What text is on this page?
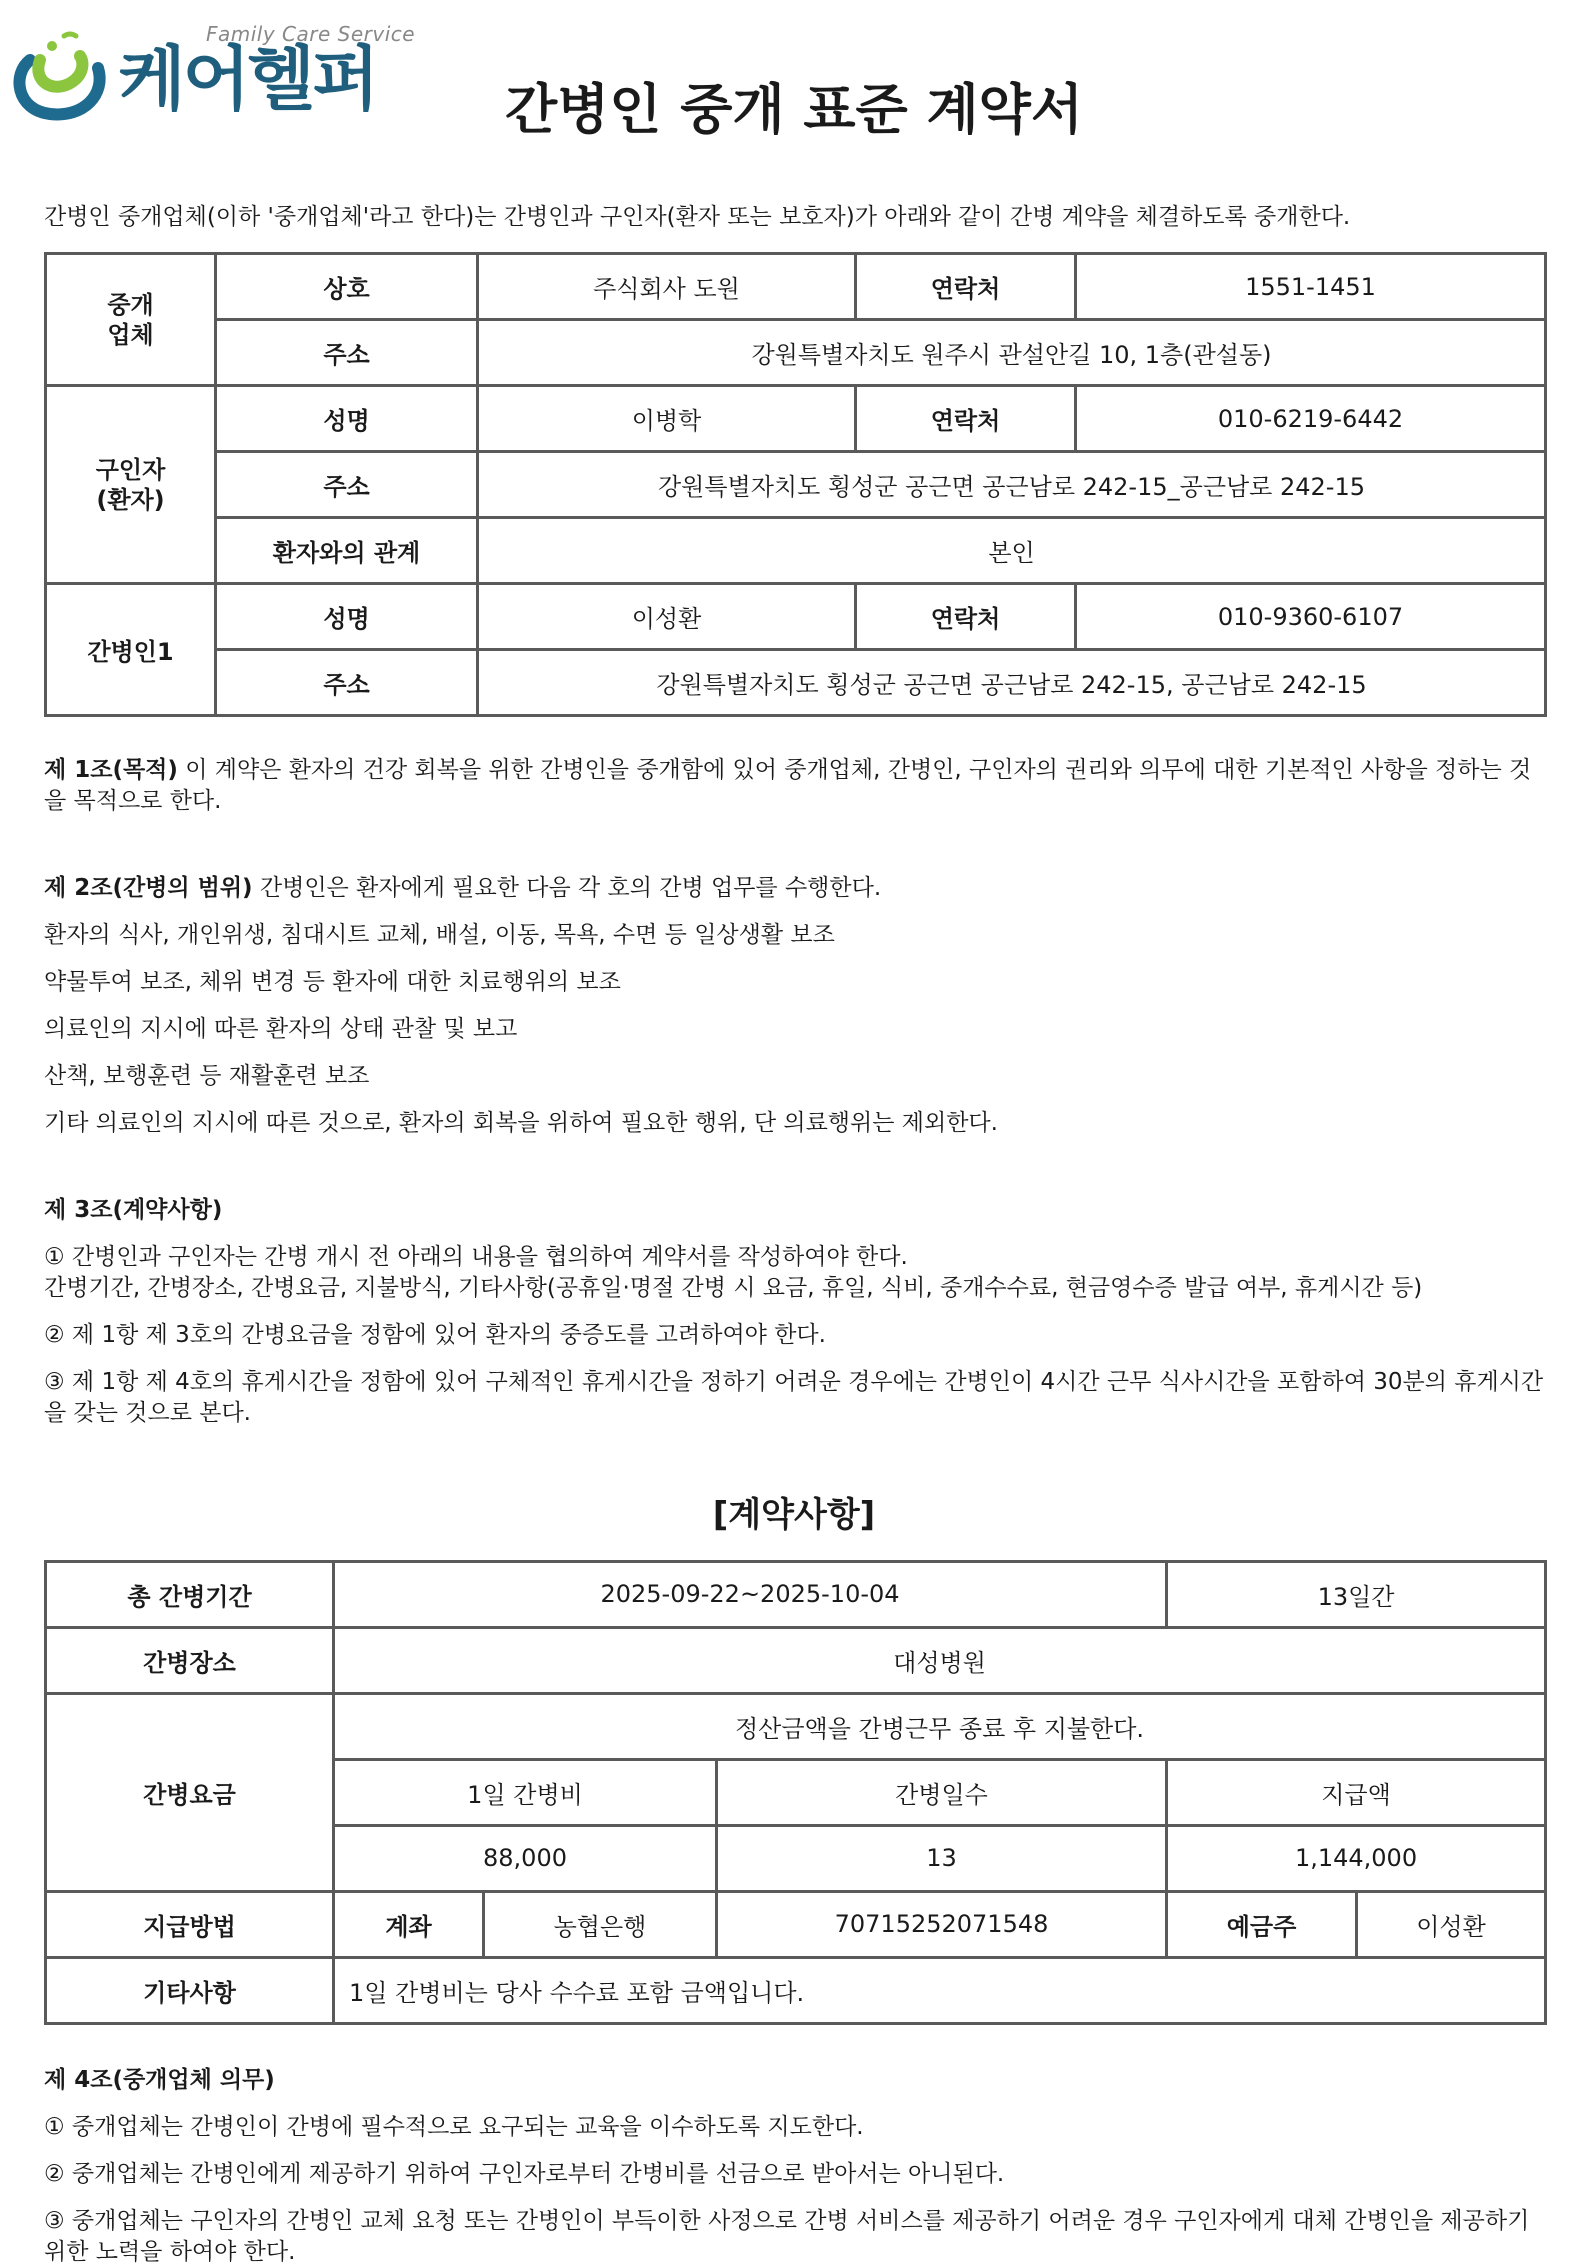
Family Care Service
케어헬퍼	간병인 중개 표준 계약서

간병인 중개업체(이하 '중개업체'라고 한다)는 간병인과 구인자(환자 또는 보호자)가 아래와 같이 간병 계약을 체결하도록 중개한다.

중개
업체	상호	주식회사 도원	연락처	1551-1451
	주소	강원특별자치도 원주시 관설안길 10, 1층(관설동)		
구인자
(환자)	성명	이병학	연락처	010-6219-6442
	주소	강원특별자치도 횡성군 공근면 공근남로 242-15_공근남로 242-15		
	환자와의 관계	본인		
간병인1	성명	이성환	연락처	010-9360-6107
	주소	강원특별자치도 횡성군 공근면 공근남로 242-15, 공근남로 242-15		

제 1조(목적) 이 계약은 환자의 건강 회복을 위한 간병인을 중개함에 있어 중개업체, 간병인, 구인자의 권리와 의무에 대한 기본적인 사항을 정하는 것을 목적으로 한다.

제 2조(간병의 범위) 간병인은 환자에게 필요한 다음 각 호의 간병 업무를 수행한다.

환자의 식사, 개인위생, 침대시트 교체, 배설, 이동, 목욕, 수면 등 일상생활 보조

약물투여 보조, 체위 변경 등 환자에 대한 치료행위의 보조

의료인의 지시에 따른 환자의 상태 관찰 및 보고

산책, 보행훈련 등 재활훈련 보조

기타 의료인의 지시에 따른 것으로, 환자의 회복을 위하여 필요한 행위, 단 의료행위는 제외한다.

제 3조(계약사항)

① 간병인과 구인자는 간병 개시 전 아래의 내용을 협의하여 계약서를 작성하여야 한다.

간병기간, 간병장소, 간병요금, 지불방식, 기타사항(공휴일·명절 간병 시 요금, 휴일, 식비, 중개수수료, 현금영수증 발급 여부, 휴게시간 등)

② 제 1항 제 3호의 간병요금을 정함에 있어 환자의 중증도를 고려하여야 한다.

③ 제 1항 제 4호의 휴게시간을 정함에 있어 구체적인 휴게시간을 정하기 어려운 경우에는 간병인이 4시간 근무 식사시간을 포함하여 30분의 휴게시간을 갖는 것으로 본다.

[계약사항]
총 간병기간	2025-09-22~2025-10-04			13일간	
간병장소	대성병원				
간병요금	정산금액을 간병근무 종료 후 지불한다.				
	1일 간병비		간병일수	지급액	
	88,000		13	1,144,000	
지급방법	계좌	농협은행	70715252071548	예금주	이성환
기타사항	1일 간병비는 당사 수수료 포함 금액입니다.				

제 4조(중개업체 의무)

① 중개업체는 간병인이 간병에 필수적으로 요구되는 교육을 이수하도록 지도한다.

② 중개업체는 간병인에게 제공하기 위하여 구인자로부터 간병비를 선금으로 받아서는 아니된다.

③ 중개업체는 구인자의 간병인 교체 요청 또는 간병인이 부득이한 사정으로 간병 서비스를 제공하기 어려운 경우 구인자에게 대체 간병인을 제공하기 위한 노력을 하여야 한다.
